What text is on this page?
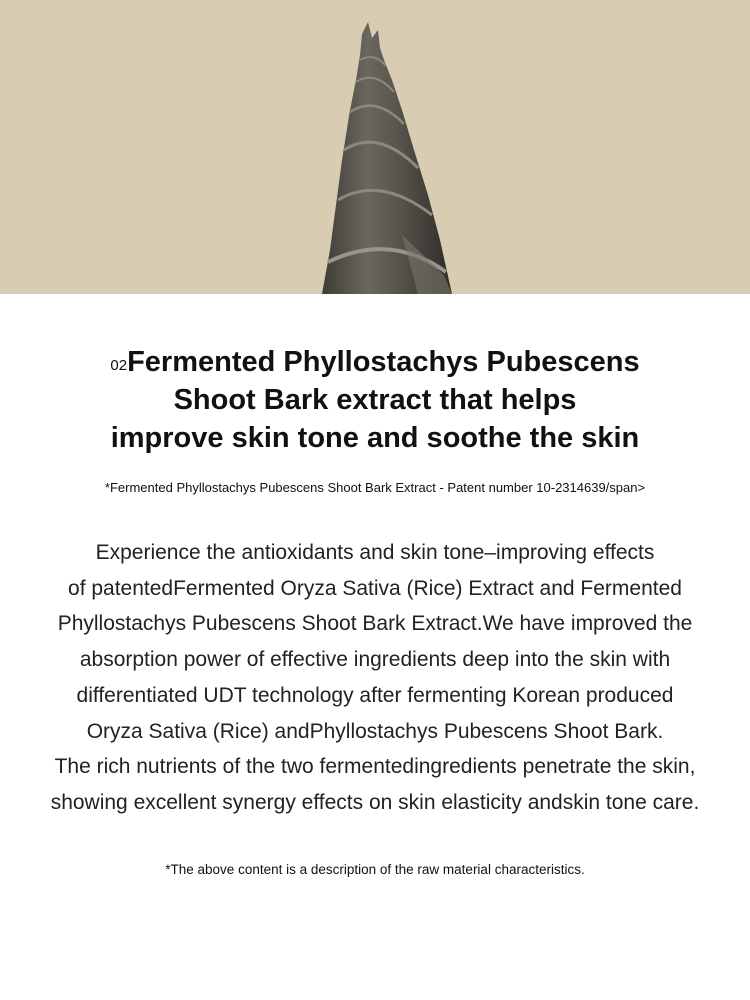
$^{02}$Fermented Phyllostachys Pubescens
Shoot Bark extract that helps
improve skin tone and soothe the skin
*Fermented Phyllostachys Pubescens Shoot Bark Extract - Patent number 10-2314639/span>
Experience the antioxidants and skin tone–improving effects
of patentedFermented Oryza Sativa (Rice) Extract and Fermented
Phyllostachys Pubescens Shoot Bark Extract.We have improved the
absorption power of effective ingredients deep into the skin with
differentiated UDT technology after fermenting Korean produced
Oryza Sativa (Rice) andPhyllostachys Pubescens Shoot Bark.
The rich nutrients of the two fermentedingredients penetrate the skin,
showing excellent synergy effects on skin elasticity andskin tone care.
*The above content is a description of the raw material characteristics.
